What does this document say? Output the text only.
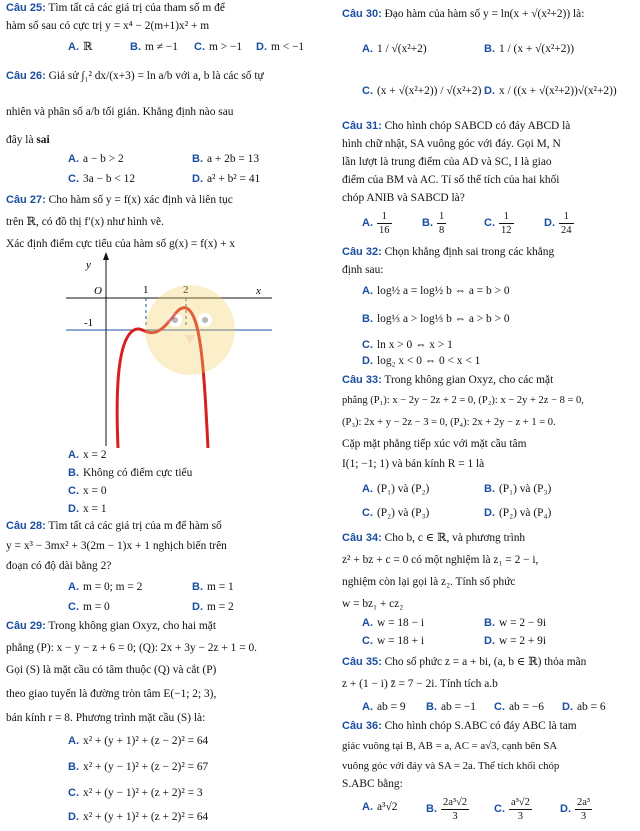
Câu 25: Tìm tất cả các giá trị của tham số m để
hàm số sau có cực trị y = x⁴ − 2(m+1)x² + m
A. ℝ	B. m ≠ −1 C. m > −1 D. m < −1
Câu 26: Giả sử ∫₁² dx/(x+3) = ln a/b với a, b là các số tự
nhiên và phân số a/b tối giản. Khẳng định nào sau
đây là sai
A. a − b > 2	B. a + 2b = 13
C. 3a − b < 12	D. a² + b² = 41
Câu 27: Cho hàm số y = f(x) xác định và liên tục
trên ℝ, có đồ thị f′(x) như hình vẽ.
Xác định điểm cực tiểu của hàm số g(x) = f(x) + x
y
O	1	2	x
-1
A. x = 2
B. Không có điểm cực tiểu
C. x = 0
D. x = 1
Câu 28: Tìm tất cả các giá trị của m để hàm số
y = x³ − 3mx² + 3(2m − 1)x + 1 nghịch biến trên
đoạn có độ dài bằng 2?
A. m = 0; m = 2	B. m = 1
C. m = 0	D. m = 2
Câu 29: Trong không gian Oxyz, cho hai mặt
phẳng (P): x − y − z + 6 = 0; (Q): 2x + 3y − 2z + 1 = 0.
Gọi (S) là mặt cầu có tâm thuộc (Q) và cắt (P)
theo giao tuyến là đường tròn tâm E(−1; 2; 3),
bán kính r = 8. Phương trình mặt cầu (S) là:
A. x² + (y + 1)² + (z − 2)² = 64
B. x² + (y − 1)² + (z − 2)² = 67
C. x² + (y − 1)² + (z + 2)² = 3
D. x² + (y + 1)² + (z + 2)² = 64
Câu 30: Đạo hàm của hàm số y = ln(x + √(x²+2)) là:
A. 1 / √(x²+2)	B. 1 / (x + √(x²+2))
C. (x + √(x²+2)) / √(x²+2) D. x / ((x + √(x²+2))√(x²+2))
Câu 31: Cho hình chóp SABCD có đáy ABCD là
hình chữ nhật, SA vuông góc với đáy. Gọi M, N
lần lượt là trung điểm của AD và SC, I là giao
điểm của BM và AC. Tỉ số thể tích của hai khối
chóp ANIB và SABCD là?
A. $\frac{1}{16}$	B. $\frac{1}{8}$	C. $\frac{1}{12}$	D. $\frac{1}{24}$
Câu 32: Chọn khẳng định sai trong các khẳng
định sau:
A. log½ a = log½ b ⇔ a = b > 0
B. log⅓ a > log⅓ b ⇔ a > b > 0
C. ln x > 0 ⇔ x > 1
D. log₂ x < 0 ⇔ 0 < x < 1
Câu 33: Trong không gian Oxyz, cho các mặt
phẳng (P₁): x − 2y − 2z + 2 = 0, (P₂): x − 2y + 2z − 8 = 0,
(P₃): 2x + y − 2z − 3 = 0, (P₄): 2x + 2y − z + 1 = 0.
Cặp mặt phẳng tiếp xúc với mặt cầu tâm
I(1; −1; 1) và bán kính R = 1 là
A. (P₁) và (P₂)	B. (P₁) và (P₃)
C. (P₂) và (P₃)	D. (P₂) và (P₄)
Câu 34: Cho b, c ∈ ℝ, và phương trình
z² + bz + c = 0 có một nghiệm là z₁ = 2 − i,
nghiệm còn lại gọi là z₂. Tính số phức
w = bz₁ + cz₂
A. w = 18 − i	B. w = 2 − 9i
C. w = 18 + i	D. w = 2 + 9i
Câu 35: Cho số phức z = a + bi, (a, b ∈ ℝ) thỏa mãn
z + (1 − i) z̄ = 7 − 2i. Tính tích a.b
A. ab = 9 B. ab = −1 C. ab = −6 D. ab = 6
Câu 36: Cho hình chóp S.ABC có đáy ABC là tam
giác vuông tại B, AB = a, AC = a√3, cạnh bên SA
vuông góc với đáy và SA = 2a. Thể tích khối chóp
S.ABC bằng:
A. a³√2	B. $\frac{\text{2a³√2}}{3} C$. $\frac{\text{a³√2}}{3}$	D. $\frac{\text{2a³}}{3}$
